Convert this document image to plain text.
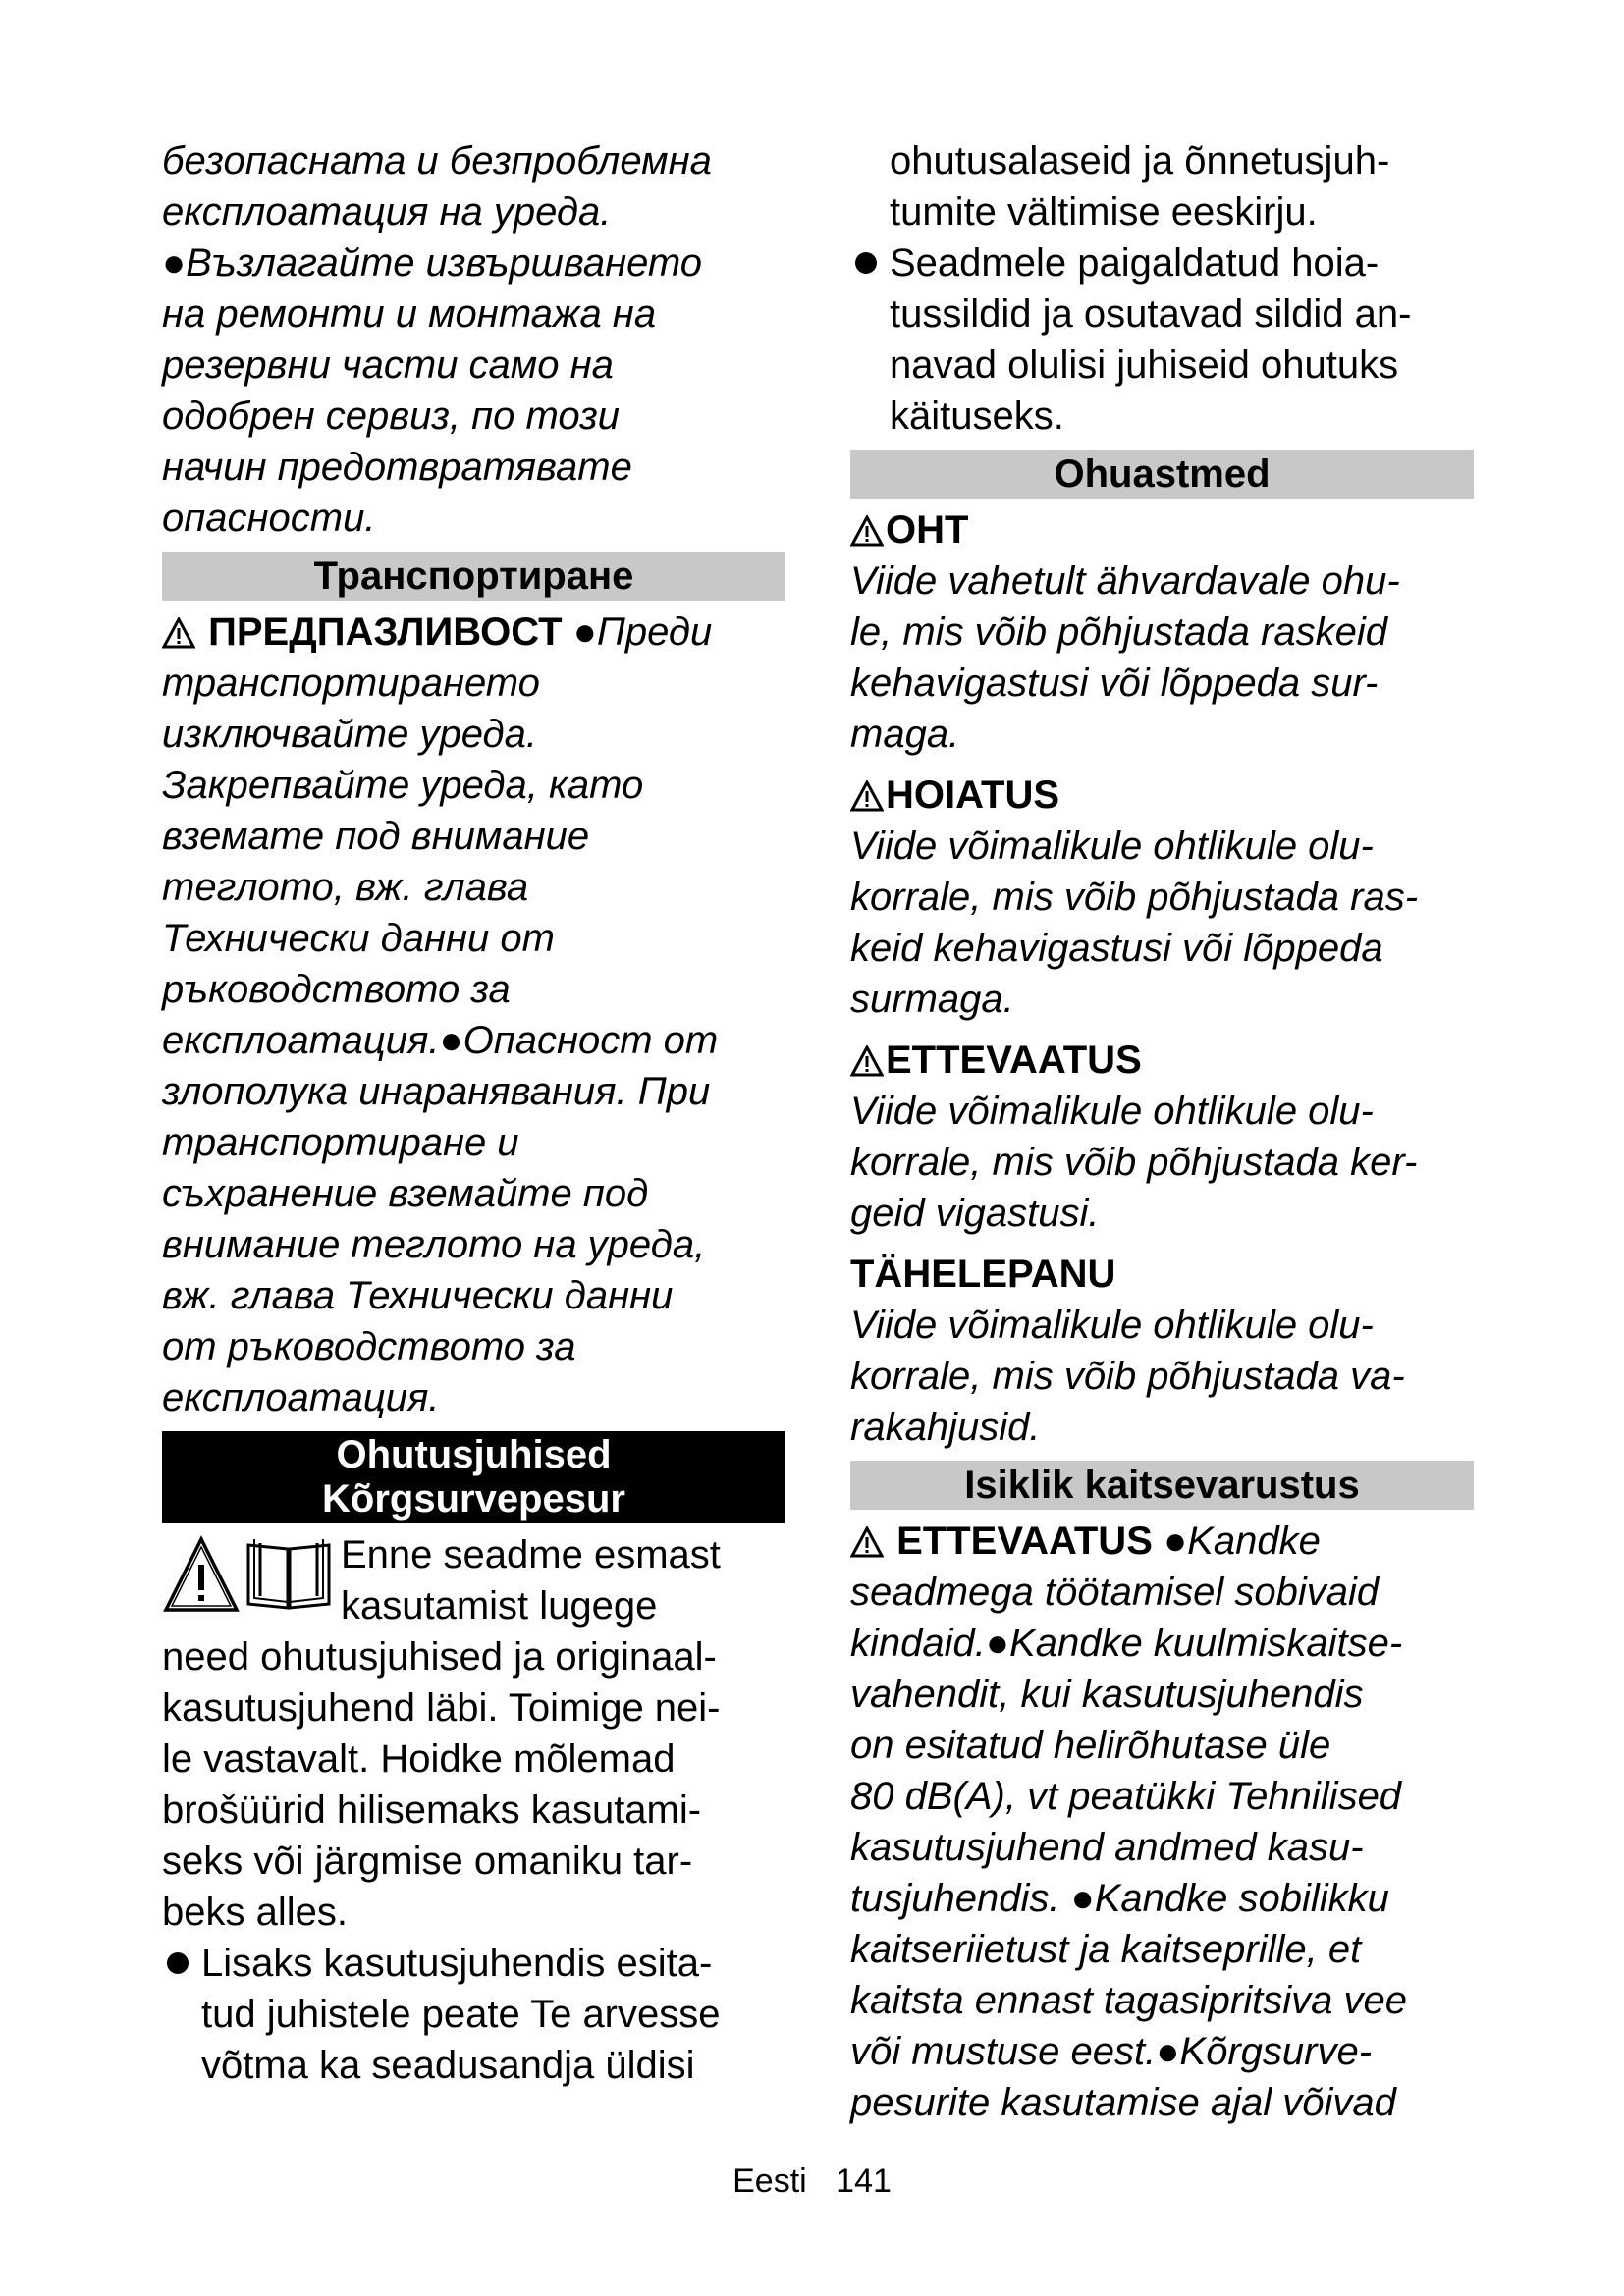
безопасната и безпроблемна
експлоатация на уреда.
●Възлагайте извършването
на ремонти и монтажа на
резервни части само на
одобрен сервиз, по този
начин предотвратявате
опасности.
Транспортиране
ПРЕДПАЗЛИВОСТ ●Преди
транспортирането
изключвайте уреда.
Закрепвайте уреда, като
вземате под внимание
теглото, вж. глава
Технически данни от
ръководството за
експлоатация.●Опасност от
злополука инараняванuя. При
транспортиране и
съхранение вземайте под
внимание теглото на уреда,
вж. глава Технически данни
от ръководството за
експлоатация.
Ohutusjuhised
Kõrgsurvepesur

Enne seadme esmast
kasutamist lugege
need ohutusjuhised ja originaal-
kasutusjuhend läbi. Toimige nei-
le vastavalt. Hoidke mõlemad
brošüürid hilisemaks kasutami-
seks või järgmise omaniku tar-
beks alles.
Lisaks kasutusjuhendis esita-
tud juhistele peate Te arvesse
võtma ka seadusandja üldisi
ohutusalaseid ja õnnetusjuh-
tumite vältimise eeskirju.
Seadmele paigaldatud hoia-
tussildid ja osutavad sildid an-
navad olulisi juhiseid ohutuks
käituseks.
Ohuastmed
OHT
Viide vahetult ähvardavale ohu-
le, mis võib põhjustada raskeid
kehavigastusi või lõppeda sur-
maga.
HOIATUS
Viide võimalikule ohtlikule olu-
korrale, mis võib põhjustada ras-
keid kehavigastusi või lõppeda
surmaga.
ETTEVAATUS
Viide võimalikule ohtlikule olu-
korrale, mis võib põhjustada ker-
geid vigastusi.
TÄHELEPANU
Viide võimalikule ohtlikule olu-
korrale, mis võib põhjustada va-
rakahjusid.
Isiklik kaitsevarustus
ETTEVAATUS ●Kandke
seadmega töötamisel sobivaid
kindaid.●Kandke kuulmiskaitse-
vahendit, kui kasutusjuhendis
on esitatud helirõhutase üle
80 dB(A), vt peatükki Tehnilised
kasutusjuhend andmed kasu-
tusjuhendis. ●Kandke sobilikku
kaitseriietust ja kaitseprille, et
kaitsta ennast tagasipritsiva vee
või mustuse eest.●Kõrgsurve-
pesurite kasutamise ajal võivad
Eesti 141
